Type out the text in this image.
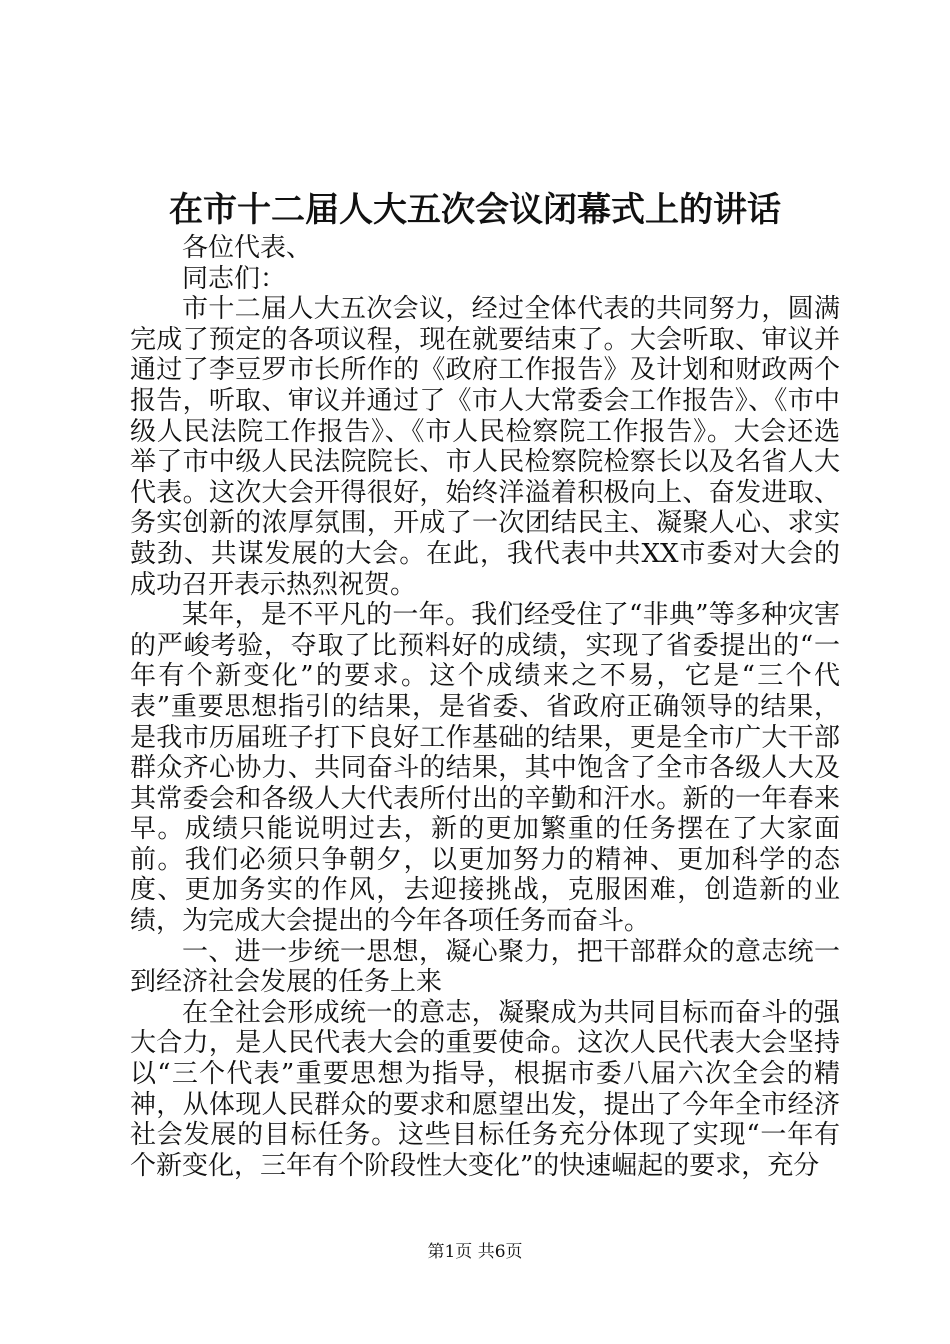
在市十二届人大五次会议闭幕式上的讲话

各位代表、

同志们：

市十二届人大五次会议，经过全体代表的共同努力，圆满完成了预定的各项议程，现在就要结束了。大会听取、审议并通过了李豆罗市长所作的《政府工作报告》及计划和财政两个报告，听取、审议并通过了《市人大常委会工作报告》、《市中级人民法院工作报告》、《市人民检察院工作报告》。大会还选举了市中级人民法院院长、市人民检察院检察长以及名省人大代表。这次大会开得很好，始终洋溢着积极向上、奋发进取、务实创新的浓厚氛围，开成了一次团结民主、凝聚人心、求实鼓劲、共谋发展的大会。在此，我代表中共XX市委对大会的成功召开表示热烈祝贺。

某年，是不平凡的一年。我们经受住了“非典”等多种灾害的严峻考验，夺取了比预料好的成绩，实现了省委提出的“一年有个新变化”的要求。这个成绩来之不易，它是“三个代表”重要思想指引的结果，是省委、省政府正确领导的结果，是我市历届班子打下良好工作基础的结果，更是全市广大干部群众齐心协力、共同奋斗的结果，其中饱含了全市各级人大及其常委会和各级人大代表所付出的辛勤和汗水。新的一年春来早。成绩只能说明过去，新的更加繁重的任务摆在了大家面前。我们必须只争朝夕，以更加努力的精神、更加科学的态度、更加务实的作风，去迎接挑战，克服困难，创造新的业绩，为完成大会提出的今年各项任务而奋斗。

一、进一步统一思想，凝心聚力，把干部群众的意志统一到经济社会发展的任务上来

在全社会形成统一的意志，凝聚成为共同目标而奋斗的强大合力，是人民代表大会的重要使命。这次人民代表大会坚持以“三个代表”重要思想为指导，根据市委八届六次全会的精神，从体现人民群众的要求和愿望出发，提出了今年全市经济社会发展的目标任务。这些目标任务充分体现了实现“一年有个新变化，三年有个阶段性大变化”的快速崛起的要求，充分

第1页 共6页
